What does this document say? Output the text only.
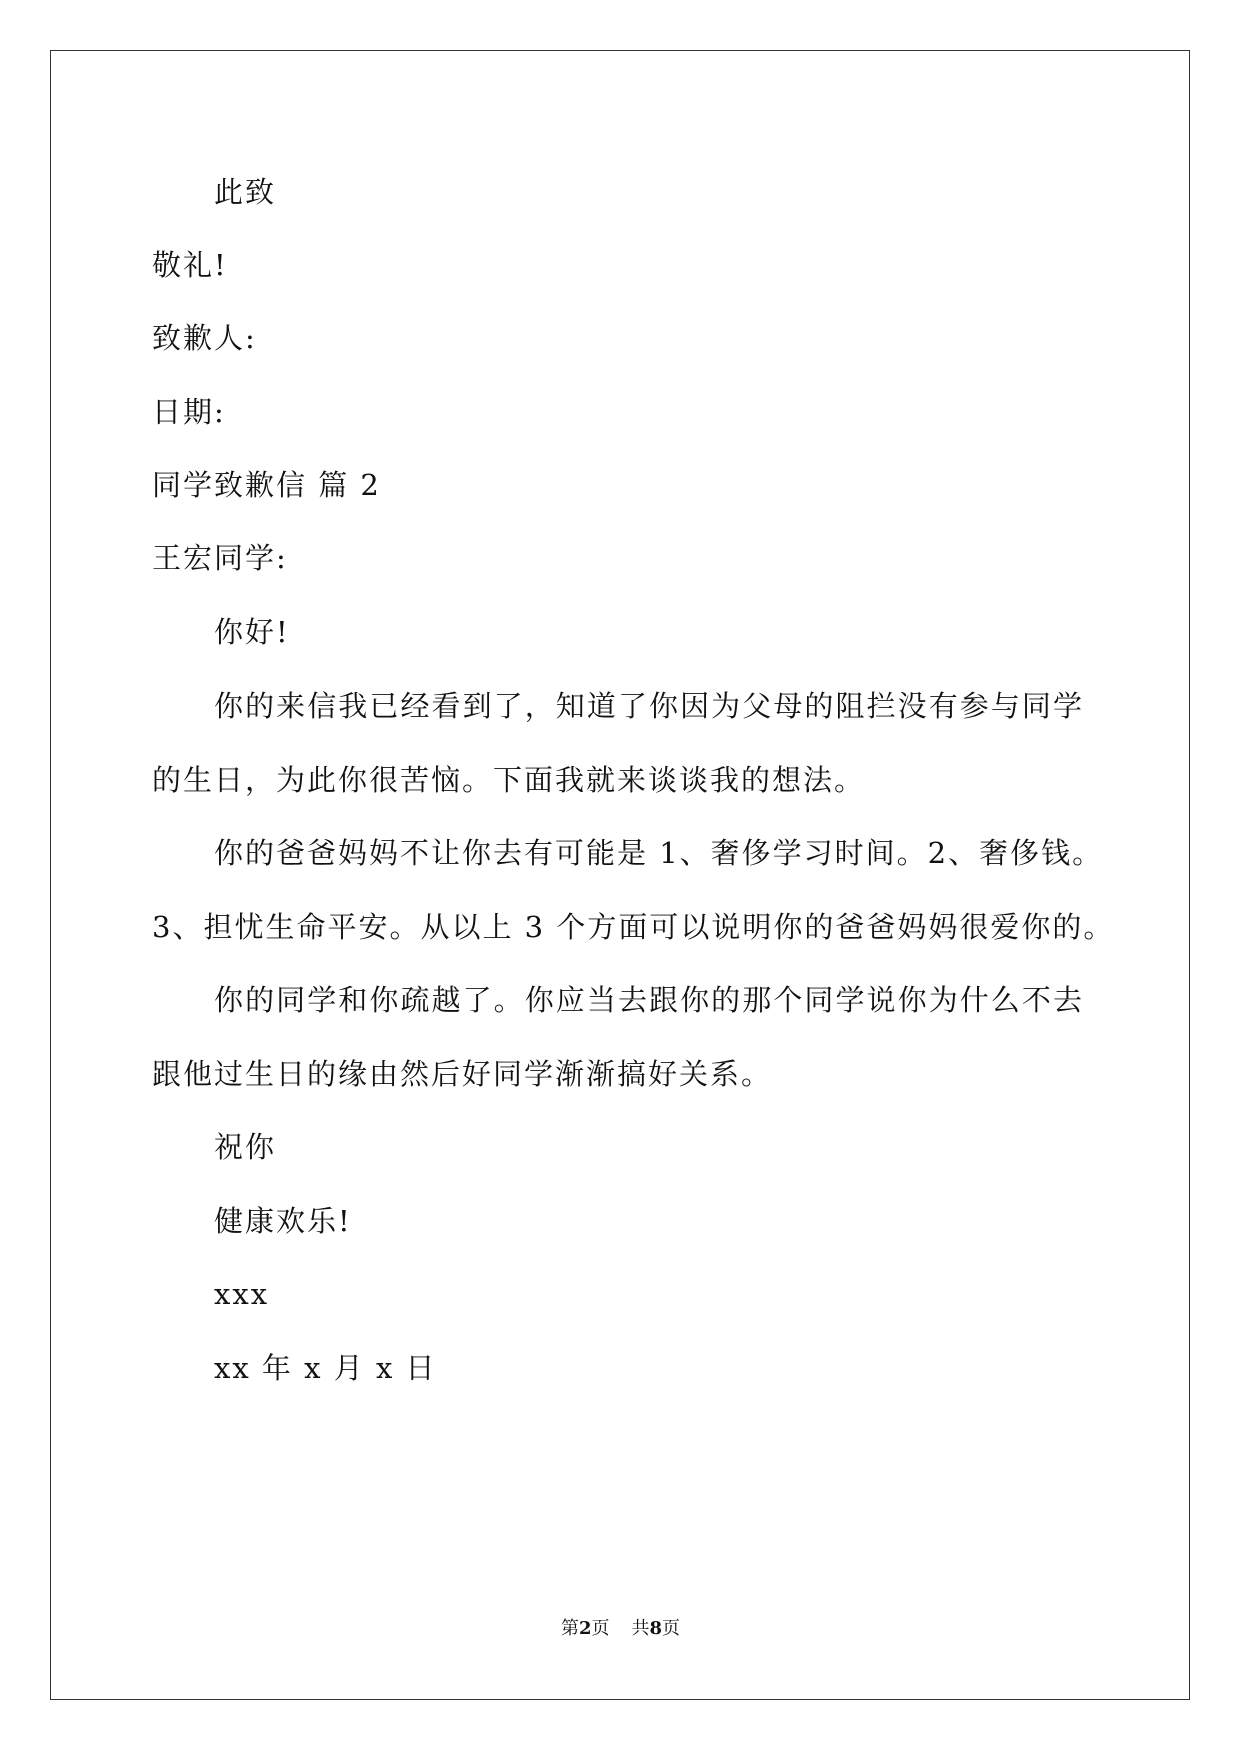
此致
敬礼!
致歉人:
日期:
同学致歉信 篇 2
王宏同学:
你好!
你的来信我已经看到了，知道了你因为父母的阻拦没有参与同学
的生日，为此你很苦恼。下面我就来谈谈我的想法。
你的爸爸妈妈不让你去有可能是 1、奢侈学习时间。2、奢侈钱。
3、担忧生命平安。从以上 3 个方面可以说明你的爸爸妈妈很爱你的。
你的同学和你疏越了。你应当去跟你的那个同学说你为什么不去
跟他过生日的缘由然后好同学渐渐搞好关系。
祝你
健康欢乐!
xxx
xx 年 x 月 x 日
第2页 共8页
